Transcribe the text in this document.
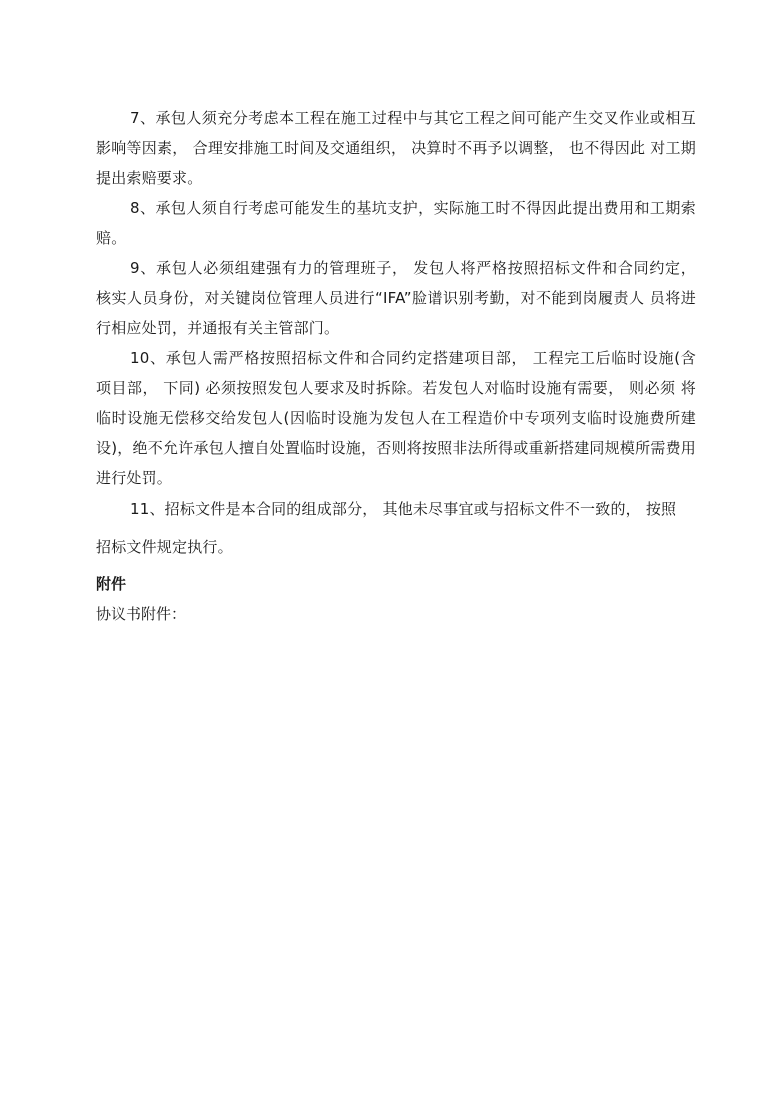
7、承包人须充分考虑本工程在施工过程中与其它工程之间可能产生交叉作业或相互影响等因素， 合理安排施工时间及交通组织， 决算时不再予以调整， 也不得因此 对工期提出索赔要求。

8、承包人须自行考虑可能发生的基坑支护，实际施工时不得因此提出费用和工期索赔。

9、承包人必须组建强有力的管理班子， 发包人将严格按照招标文件和合同约定， 核实人员身份，对关键岗位管理人员进行“IFA”脸谱识别考勤，对不能到岗履责人 员将进行相应处罚，并通报有关主管部门。

10、承包人需严格按照招标文件和合同约定搭建项目部， 工程完工后临时设施(含 项目部， 下同) 必须按照发包人要求及时拆除。若发包人对临时设施有需要， 则必须 将临时设施无偿移交给发包人(因临时设施为发包人在工程造价中专项列支临时设施费所建设)，绝不允许承包人擅自处置临时设施，否则将按照非法所得或重新搭建同规模所需费用进行处罚。

11、招标文件是本合同的组成部分， 其他未尽事宜或与招标文件不一致的， 按照
招标文件规定执行。

附件

协议书附件：
